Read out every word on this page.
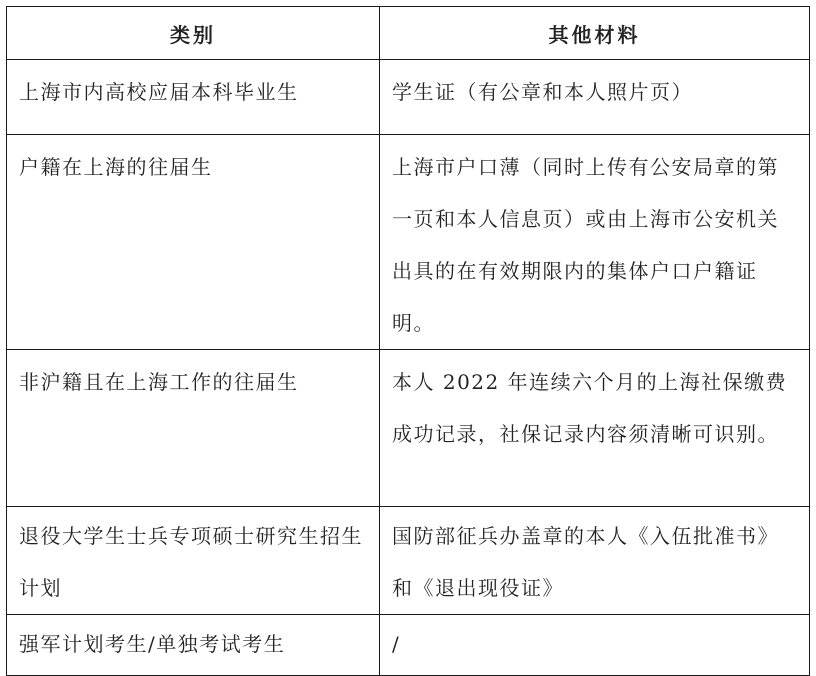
类别	其他材料
上海市内高校应届本科毕业生	学生证（有公章和本人照片页）
户籍在上海的往届生	上海市户口薄（同时上传有公安局章的第一页和本人信息页）或由上海市公安机关出具的在有效期限内的集体户口户籍证明。
非沪籍且在上海工作的往届生	本人 2022 年连续六个月的上海社保缴费成功记录，社保记录内容须清晰可识别。
退役大学生士兵专项硕士研究生招生计划	国防部征兵办盖章的本人《入伍批准书》和《退出现役证》
强军计划考生/单独考试考生	/
